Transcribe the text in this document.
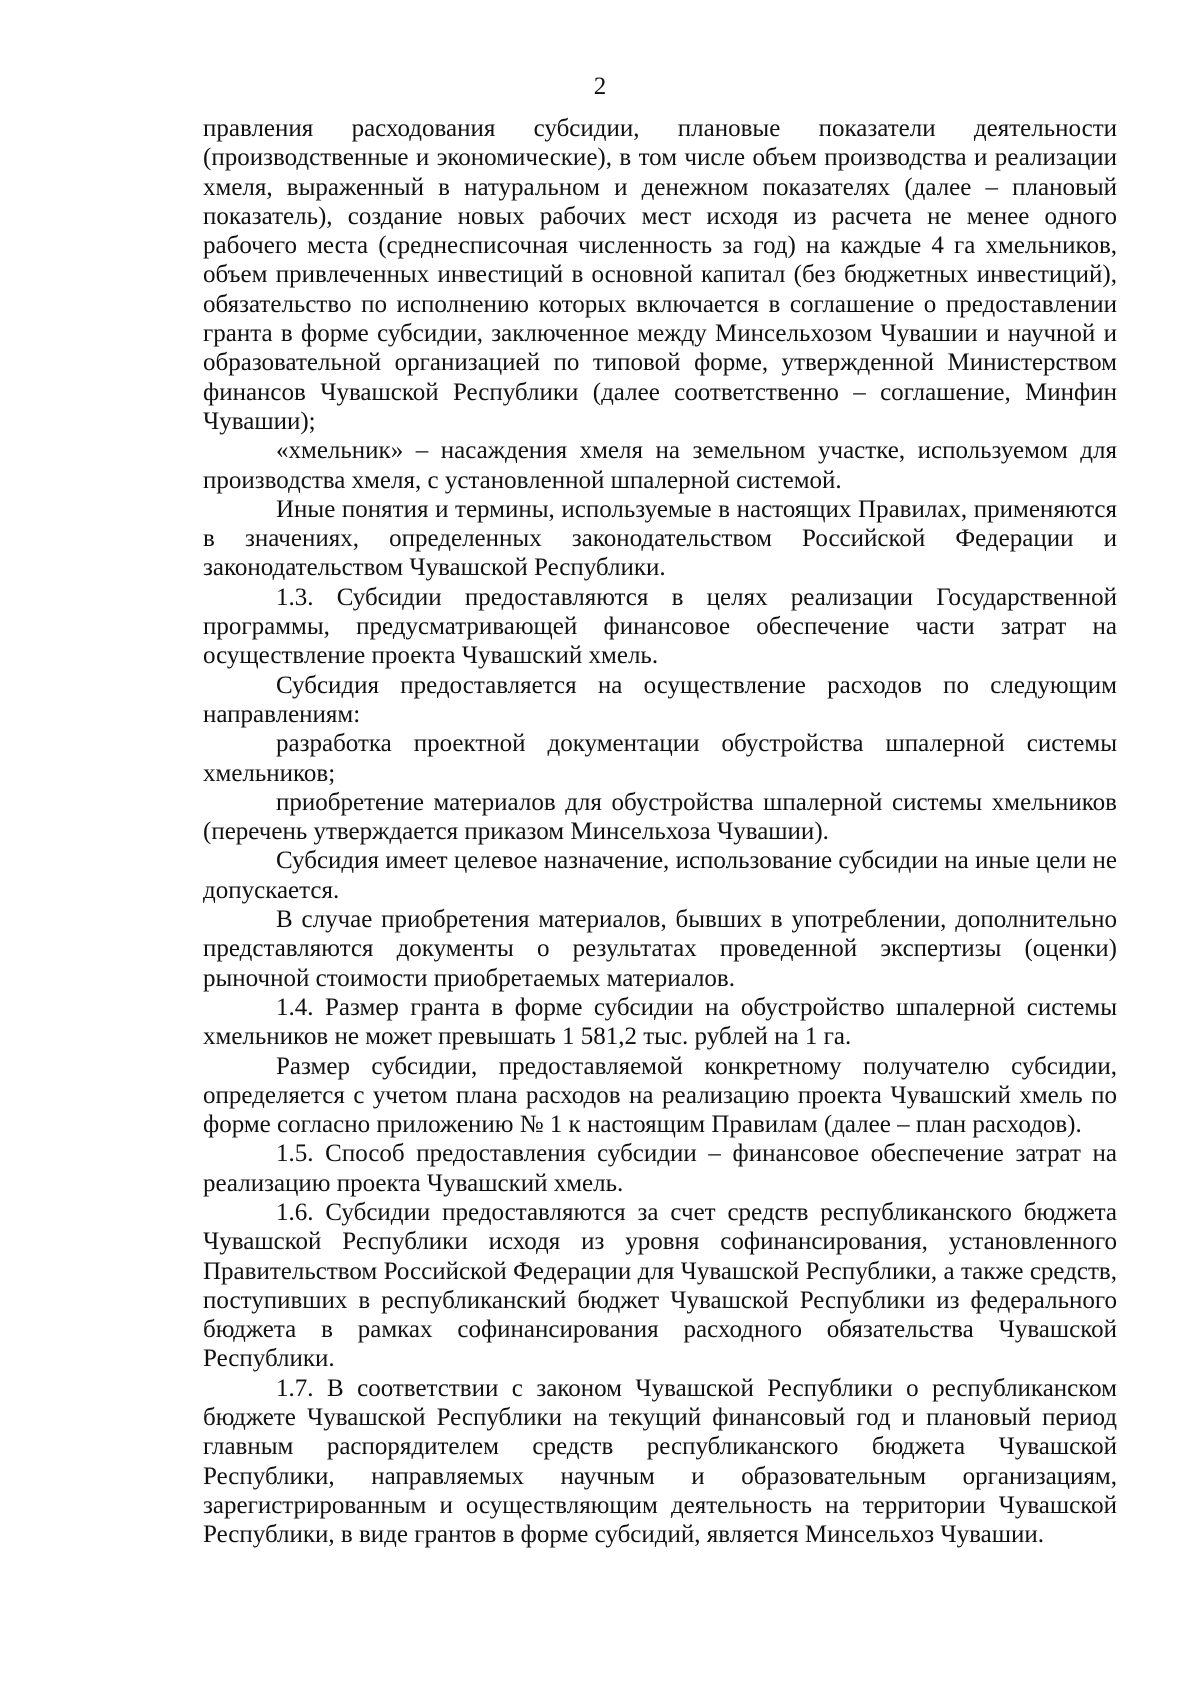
2

правления расходования субсидии, плановые показатели деятельности (производственные и экономические), в том числе объем производства и реализации хмеля, выраженный в натуральном и денежном показателях (далее – плановый показатель), создание новых рабочих мест исходя из расчета не менее одного рабочего места (среднесписочная численность за год) на каждые 4 га хмельников, объем привлеченных инвестиций в основной капитал (без бюджетных инвестиций), обязательство по исполнению которых включается в соглашение о предоставлении гранта в форме субсидии, заключенное между Минсельхозом Чувашии и научной и образовательной организацией по типовой форме, утвержденной Министерством финансов Чувашской Республики (далее соответственно – соглашение, Минфин Чувашии);

«хмельник» – насаждения хмеля на земельном участке, используемом для производства хмеля, с установленной шпалерной системой.

Иные понятия и термины, используемые в настоящих Правилах, применяются в значениях, определенных законодательством Российской Федерации и законодательством Чувашской Республики.

1.3. Субсидии предоставляются в целях реализации Государственной программы, предусматривающей финансовое обеспечение части затрат на осуществление проекта Чувашский хмель.

Субсидия предоставляется на осуществление расходов по следующим направлениям:

разработка проектной документации обустройства шпалерной системы хмельников;

приобретение материалов для обустройства шпалерной системы хмельников (перечень утверждается приказом Минсельхоза Чувашии).

Субсидия имеет целевое назначение, использование субсидии на иные цели не допускается.

В случае приобретения материалов, бывших в употреблении, дополнительно представляются документы о результатах проведенной экспертизы (оценки) рыночной стоимости приобретаемых материалов.

1.4. Размер гранта в форме субсидии на обустройство шпалерной системы хмельников не может превышать 1 581,2 тыс. рублей на 1 га.

Размер субсидии, предоставляемой конкретному получателю субсидии, определяется с учетом плана расходов на реализацию проекта Чувашский хмель по форме согласно приложению № 1 к настоящим Правилам (далее – план расходов).

1.5. Способ предоставления субсидии – финансовое обеспечение затрат на реализацию проекта Чувашский хмель.

1.6. Субсидии предоставляются за счет средств республиканского бюджета Чувашской Республики исходя из уровня софинансирования, установленного Правительством Российской Федерации для Чувашской Республики, а также средств, поступивших в республиканский бюджет Чувашской Республики из федерального бюджета в рамках софинансирования расходного обязательства Чувашской Республики.

1.7. В соответствии с законом Чувашской Республики о республиканском бюджете Чувашской Республики на текущий финансовый год и плановый период главным распорядителем средств республиканского бюджета Чувашской Республики, направляемых научным и образовательным организациям, зарегистрированным и осуществляющим деятельность на территории Чувашской Республики, в виде грантов в форме субсидий, является Минсельхоз Чувашии.
